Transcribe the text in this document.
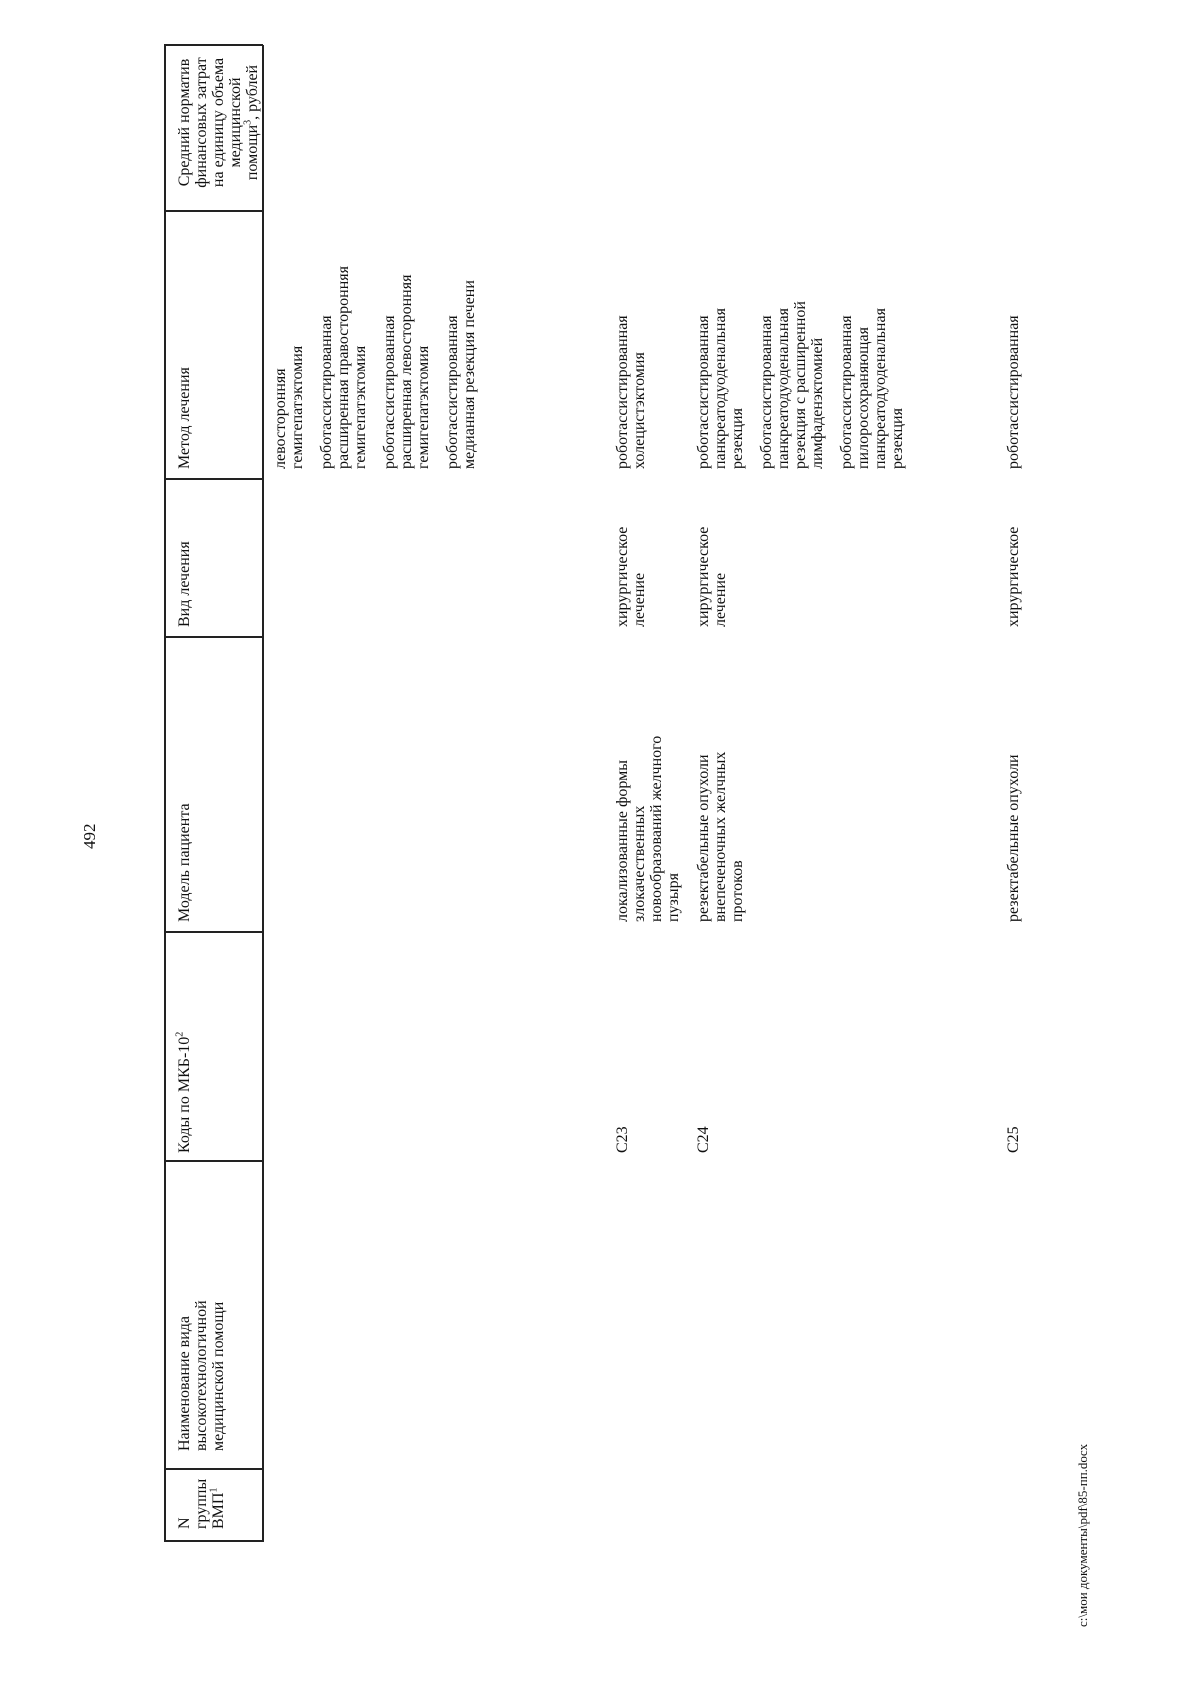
492
N группы ВМП$^1$
Наименование вида высокотехнологичной медицинской помощи
Коды по МКБ-$10^2$
Модель пациента
Вид лечения
Метод лечения
Средний норматив финансовых затрат на единицу объема медицинской помощи$^3$, рублей
левосторонняя гемигепатэктомия роботассистированная расширенная правосторонняя гемигепатэктомия роботассистированная расширенная левосторонняя гемигепатэктомия роботассистированная медианная резекция печени
C23
локализованные формы злокачественных новообразований желчного пузыря
хирургическое лечение
роботассистированная холецистэктомия
C24
резектабельные опухоли внепеченочных желчных протоков
хирургическое лечение
роботассистированная панкреатодуоденальная резекция роботассистированная панкреатодуоденальная резекция с расширенной лимфаденэктомией роботассистированная пилоросохраняющая панкреатодуоденальная резекция
C25
резектабельные опухоли
хирургическое
роботассистированная
c:\мои документы\pdf\85-пп.docx
